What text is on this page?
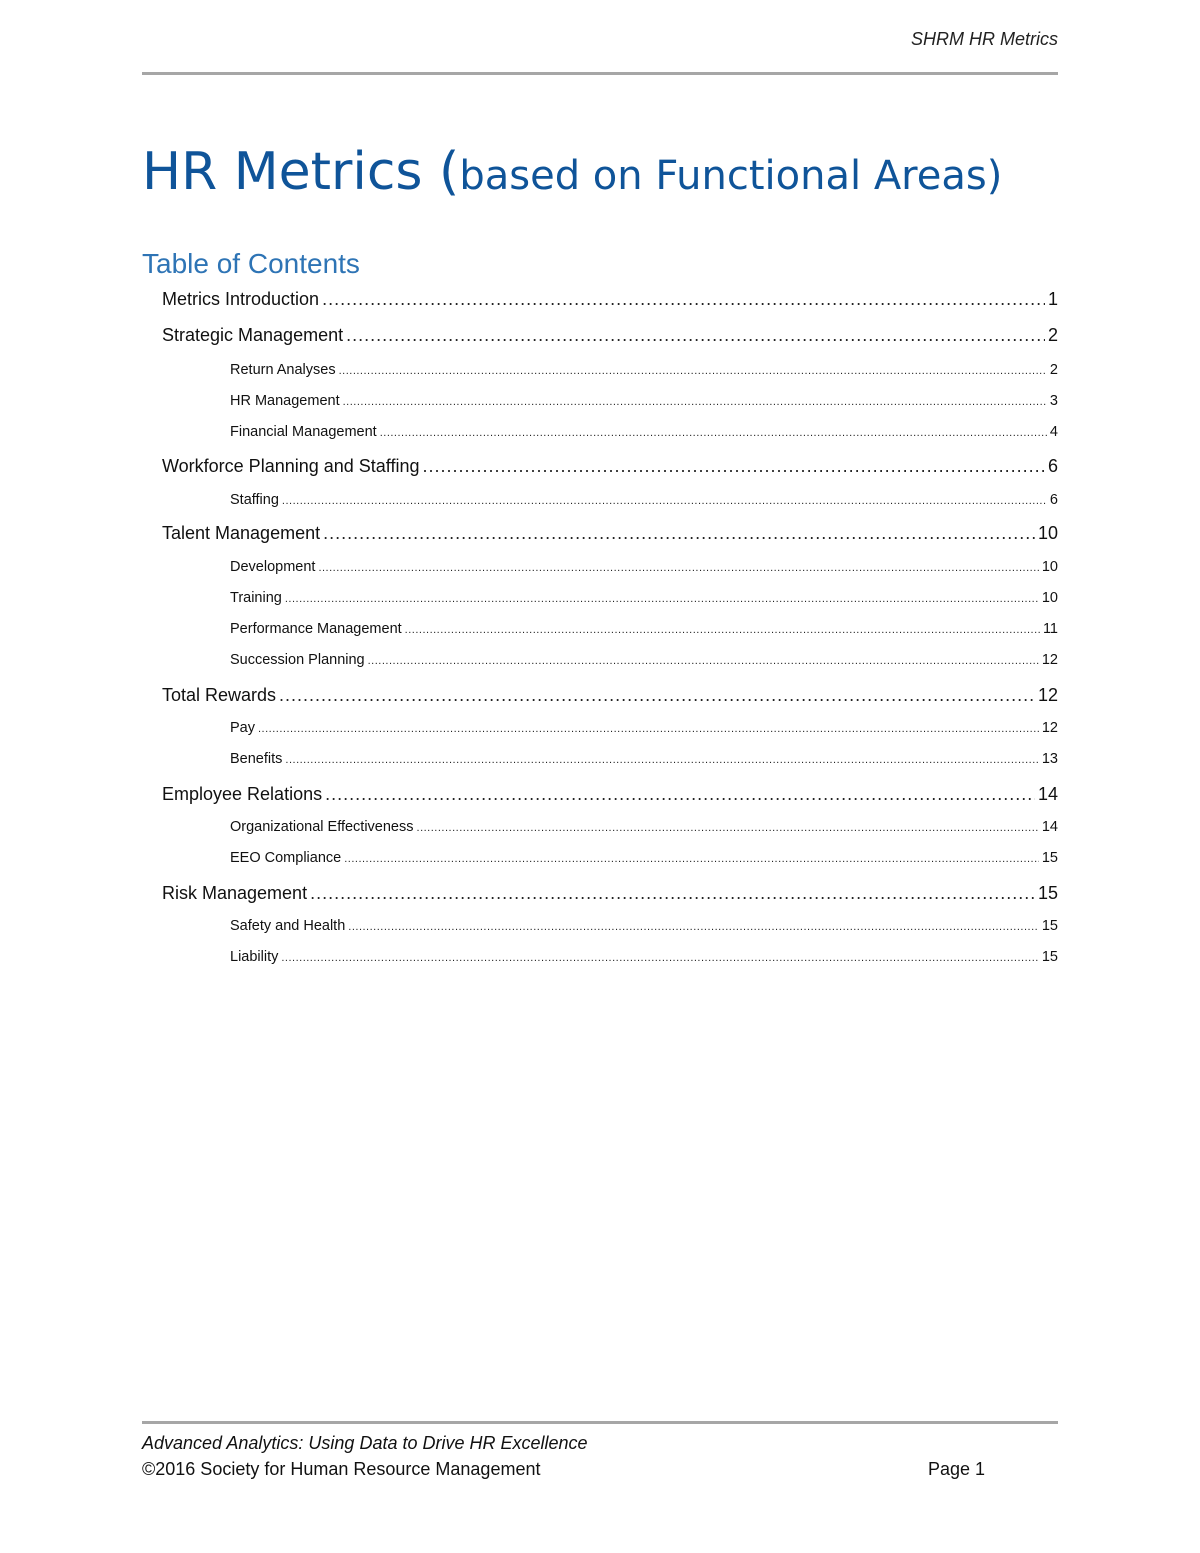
SHRM HR Metrics
HR Metrics (based on Functional Areas)
Table of Contents
Metrics Introduction .....	1
Strategic Management .....	2
Return Analyses .....	2
HR Management .....	3
Financial Management .....	4
Workforce Planning and Staffing .....	6
Staffing .....	6
Talent Management .....	10
Development .....	10
Training .....	10
Performance Management .....	11
Succession Planning .....	12
Total Rewards .....	12
Pay .....	12
Benefits .....	13
Employee Relations .....	14
Organizational Effectiveness .....	14
EEO Compliance .....	15
Risk Management .....	15
Safety and Health .....	15
Liability .....	15
Advanced Analytics: Using Data to Drive HR Excellence
©2016 Society for Human Resource Management	Page 1
